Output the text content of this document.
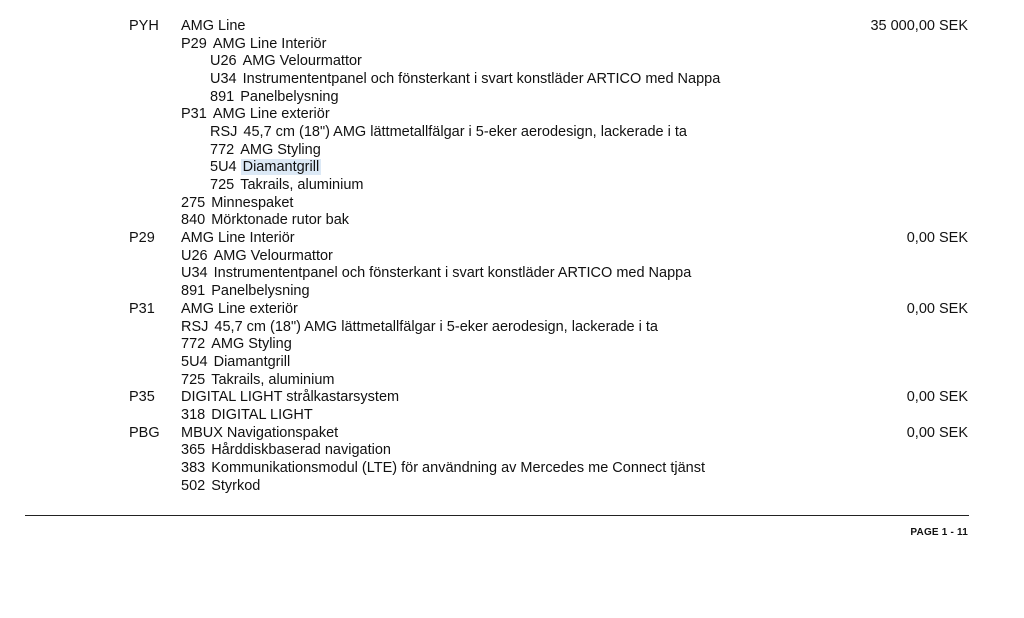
PYH AMG Line	35 000,00 SEK
P29 AMG Line Interiör
U26 AMG Velourmattor
U34 Instrumententpanel och fönsterkant i svart konstläder ARTICO med Nappa
891 Panelbelysning
P31 AMG Line exteriör
RSJ 45,7 cm (18") AMG lättmetallfälgar i 5-eker aerodesign, lackerade i ta
772 AMG Styling
5U4 Diamantgrill
725 Takrails, aluminium
275 Minnespaket
840 Mörktonade rutor bak
P29 AMG Line Interiör	0,00 SEK
U26 AMG Velourmattor
U34 Instrumententpanel och fönsterkant i svart konstläder ARTICO med Nappa
891 Panelbelysning
P31 AMG Line exteriör	0,00 SEK
RSJ 45,7 cm (18") AMG lättmetallfälgar i 5-eker aerodesign, lackerade i ta
772 AMG Styling
5U4 Diamantgrill
725 Takrails, aluminium
P35 DIGITAL LIGHT strålkastarsystem	0,00 SEK
318 DIGITAL LIGHT
PBG MBUX Navigationspaket	0,00 SEK
365 Hårddiskbaserad navigation
383 Kommunikationsmodul (LTE) för användning av Mercedes me Connect tjänst
502 Styrkod
PAGE 1 - 11
